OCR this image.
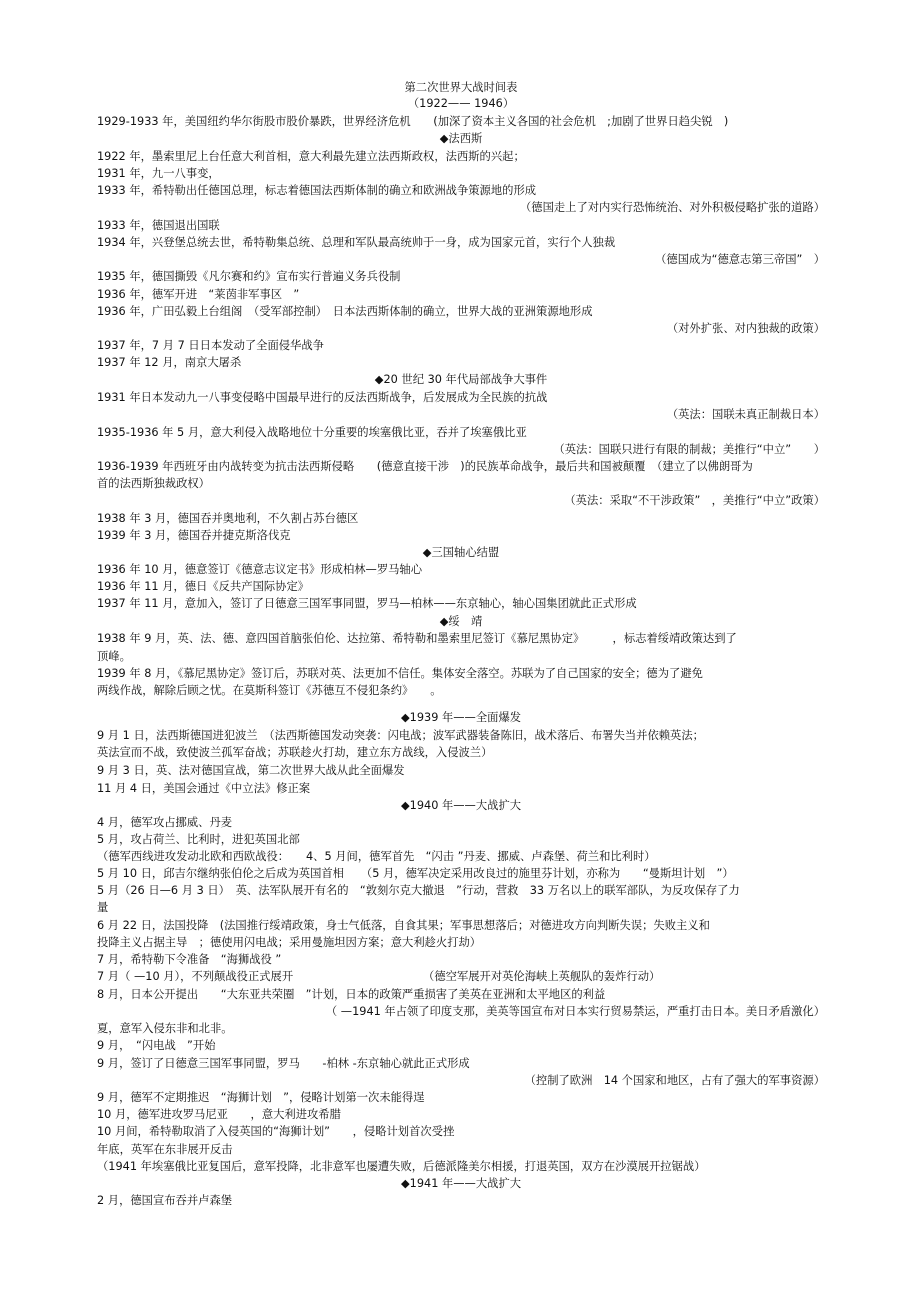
第二次世界大战时间表
（1922—— 1946）
1929-1933 年，美国纽约华尔街股市股价暴跌，世界经济危机　　(加深了资本主义各国的社会危机　;加剧了世界日趋尖锐　)
◆法西斯
1922 年，墨索里尼上台任意大利首相，意大利最先建立法西斯政权，法西斯的兴起；
1931 年，九一八事变，
1933 年，希特勒出任德国总理，标志着德国法西斯体制的确立和欧洲战争策源地的形成
（德国走上了对内实行恐怖统治、对外积极侵略扩张的道路）
1933 年，德国退出国联
1934 年，兴登堡总统去世，希特勒集总统、总理和军队最高统帅于一身，成为国家元首，实行个人独裁
（德国成为“德意志第三帝国”　）
1935 年，德国撕毁《凡尔赛和约》宣布实行普遍义务兵役制
1936 年，德军开进　“莱茵非军事区　”
1936 年，广田弘毅上台组阁　（受军部控制）　日本法西斯体制的确立，世界大战的亚洲策源地形成
（对外扩张、对内独裁的政策）
1937 年，7 月 7 日日本发动了全面侵华战争
1937 年 12 月，南京大屠杀
◆20 世纪 30 年代局部战争大事件
1931 年日本发动九一八事变侵略中国最早进行的反法西斯战争，后发展成为全民族的抗战
（英法：国联未真正制裁日本）
1935-1936 年 5 月，意大利侵入战略地位十分重要的埃塞俄比亚，吞并了埃塞俄比亚
（英法：国联只进行有限的制裁；美推行“中立”　　）
1936-1939 年西班牙由内战转变为抗击法西斯侵略　　(德意直接干涉　)的民族革命战争，最后共和国被颠覆　（建立了以佛朗哥为
首的法西斯独裁政权）
（英法：采取“不干涉政策”　，美推行“中立”政策）
1938 年 3 月，德国吞并奥地利，不久割占苏台德区
1939 年 3 月，德国吞并捷克斯洛伐克
◆三国轴心结盟
1936 年 10 月，德意签订《德意志议定书》形成柏林—罗马轴心
1936 年 11 月，德日《反共产国际协定》
1937 年 11 月，意加入，签订了日德意三国军事同盟，罗马—柏林——东京轴心，轴心国集团就此正式形成
◆绥　靖
1938 年 9 月，英、法、德、意四国首脑张伯伦、达拉第、希特勒和墨索里尼签订《慕尼黑协定》　　　，标志着绥靖政策达到了
顶峰。
1939 年 8 月，《慕尼黑协定》签订后，苏联对英、法更加不信任。集体安全落空。苏联为了自己国家的安全；德为了避免
两线作战，解除后顾之忧。在莫斯科签订《苏德互不侵犯条约》　　。
◆1939 年——全面爆发
9 月 1 日，法西斯德国进犯波兰　（法西斯德国发动突袭：闪电战；波军武器装备陈旧，战术落后、布署失当并依赖英法；
英法宣而不战，致使波兰孤军奋战；苏联趁火打劫，建立东方战线，入侵波兰）
9 月 3 日，英、法对德国宣战，第二次世界大战从此全面爆发
11 月 4 日，美国会通过《中立法》修正案
◆1940 年——大战扩大
4 月，德军攻占挪威、丹麦
5 月，攻占荷兰、比利时，进犯英国北部
（德军西线进攻发动北欧和西欧战役：　　4、5 月间，德军首先　“闪击 ”丹麦、挪威、卢森堡、荷兰和比利时）
5 月 10 日，邱吉尔继纳张伯伦之后成为英国首相　　（5 月，德军决定采用改良过的施里芬计划，亦称为　　“曼斯坦计划　”）
5 月（26 日—6 月 3 日）　英、法军队展开有名的　“敦刻尔克大撤退　”行动，营救　33 万名以上的联军部队，为反攻保存了力
量
6 月 22 日，法国投降　(法国推行绥靖政策，身士气低落，自食其果；军事思想落后；对德进攻方向判断失误；失败主义和
投降主义占据主导　；德使用闪电战；采用曼施坦因方案；意大利趁火打劫）
7 月，希特勒下令准备　“海狮战役 ”
7 月（ —10 月），不列颠战役正式展开　　　　　　　　　　　　（德空军展开对英伦海峡上英舰队的轰炸行动）
8 月，日本公开提出　　“大东亚共荣圈　”计划，日本的政策严重损害了美英在亚洲和太平地区的利益
（ —1941 年占领了印度支那，美英等国宣布对日本实行贸易禁运，严重打击日本。美日矛盾激化）
夏，意军入侵东非和北非。
9 月，　“闪电战　”开始
9 月，签订了日德意三国军事同盟，罗马　　-柏林 -东京轴心就此正式形成
（控制了欧洲　14 个国家和地区，占有了强大的军事资源）
9 月，德军不定期推迟　“海狮计划　”，侵略计划第一次未能得逞
10 月，德军进攻罗马尼亚　　，意大利进攻希腊
10 月间，希特勒取消了入侵英国的“海狮计划”　　，侵略计划首次受挫
年底，英军在东非展开反击
（1941 年埃塞俄比亚复国后，意军投降，北非意军也屡遭失败，后德派隆美尔相援，打退英国，双方在沙漠展开拉锯战）
◆1941 年——大战扩大
2 月，德国宣布吞并卢森堡
